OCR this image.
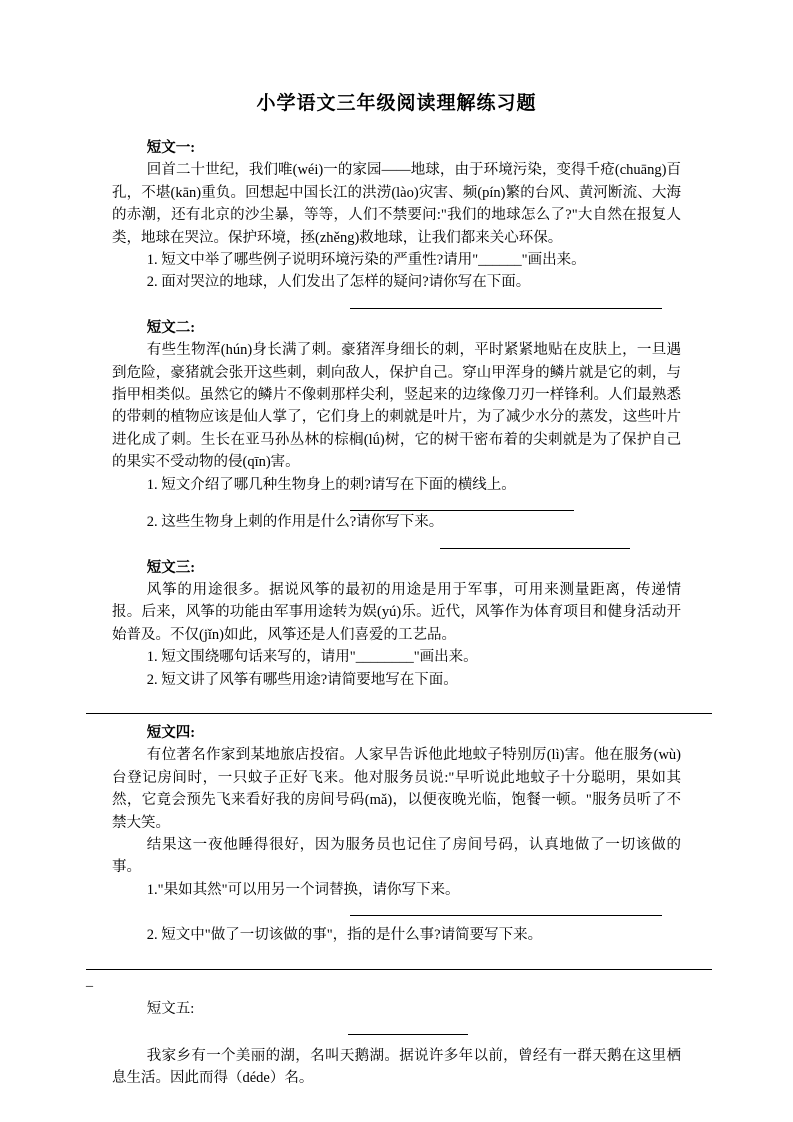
小学语文三年级阅读理解练习题

短文一:

回首二十世纪，我们唯(wéi)一的家园——地球，由于环境污染，变得千疮(chuāng)百孔，不堪(kān)重负。回想起中国长江的洪涝(lào)灾害、频(pín)繁的台风、黄河断流、大海的赤潮，还有北京的沙尘暴，等等，人们不禁要问:"我们的地球怎么了?"大自然在报复人类，地球在哭泣。保护环境，拯(zhěng)救地球，让我们都来关心环保。

1. 短文中举了哪些例子说明环境污染的严重性?请用"______"画出来。

2. 面对哭泣的地球，人们发出了怎样的疑问?请你写在下面。

短文二:

有些生物浑(hún)身长满了刺。豪猪浑身细长的刺，平时紧紧地贴在皮肤上，一旦遇到危险，豪猪就会张开这些刺，刺向敌人，保护自己。穿山甲浑身的鳞片就是它的刺，与指甲相类似。虽然它的鳞片不像刺那样尖利，竖起来的边缘像刀刃一样锋利。人们最熟悉的带刺的植物应该是仙人掌了，它们身上的刺就是叶片，为了减少水分的蒸发，这些叶片进化成了刺。生长在亚马孙丛林的棕榈(lǘ)树，它的树干密布着的尖刺就是为了保护自己的果实不受动物的侵(qīn)害。

1. 短文介绍了哪几种生物身上的刺?请写在下面的横线上。

2. 这些生物身上刺的作用是什么?请你写下来。

短文三:

风筝的用途很多。据说风筝的最初的用途是用于军事，可用来测量距离，传递情报。后来，风筝的功能由军事用途转为娱(yú)乐。近代，风筝作为体育项目和健身活动开始普及。不仅(jǐn)如此，风筝还是人们喜爱的工艺品。

1. 短文围绕哪句话来写的，请用"________"画出来。

2. 短文讲了风筝有哪些用途?请简要地写在下面。

短文四:

有位著名作家到某地旅店投宿。人家早告诉他此地蚊子特别厉(lì)害。他在服务(wù)台登记房间时，一只蚊子正好飞来。他对服务员说:"早听说此地蚊子十分聪明，果如其然，它竟会预先飞来看好我的房间号码(mǎ)，以便夜晚光临，饱餐一顿。"服务员听了不禁大笑。

结果这一夜他睡得很好，因为服务员也记住了房间号码，认真地做了一切该做的事。

1."果如其然"可以用另一个词替换，请你写下来。

2. 短文中"做了一切该做的事"，指的是什么事?请简要写下来。

_

短文五:

我家乡有一个美丽的湖，名叫天鹅湖。据说许多年以前，曾经有一群天鹅在这里栖息生活。因此而得（déde）名。
